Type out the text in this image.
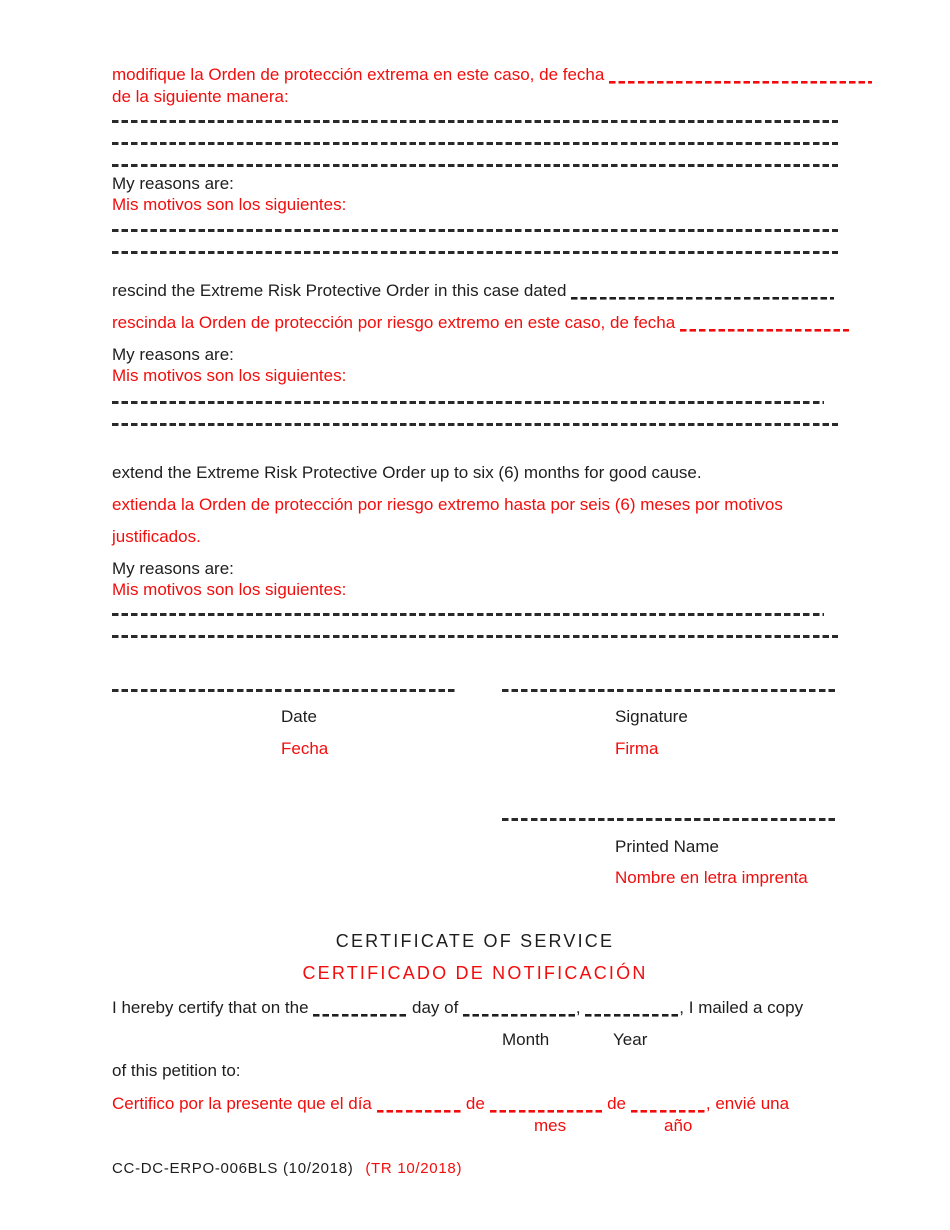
modifique la Orden de protección extrema en este caso, de fecha
de la siguiente manera:
My reasons are:
Mis motivos son los siguientes:
rescind the Extreme Risk Protective Order in this case dated
rescinda la Orden de protección por riesgo extremo en este caso, de fecha
My reasons are:
Mis motivos son los siguientes:
extend the Extreme Risk Protective Order up to six (6) months for good cause.
extienda la Orden de protección por riesgo extremo hasta por seis (6) meses por motivos
justificados.
My reasons are:
Mis motivos son los siguientes:
Date	Signature
Fecha	Firma
Printed Name
Nombre en letra imprenta
CERTIFICATE OF SERVICE
CERTIFICADO DE NOTIFICACIÓN
I hereby certify that on the	day of	,	, I mailed a copy
Month	Year
of this petition to:
Certifico por la presente que el día	de	de	, envié una
mes	año
CC-DC-ERPO-006BLS (10/2018) (TR 10/2018)
